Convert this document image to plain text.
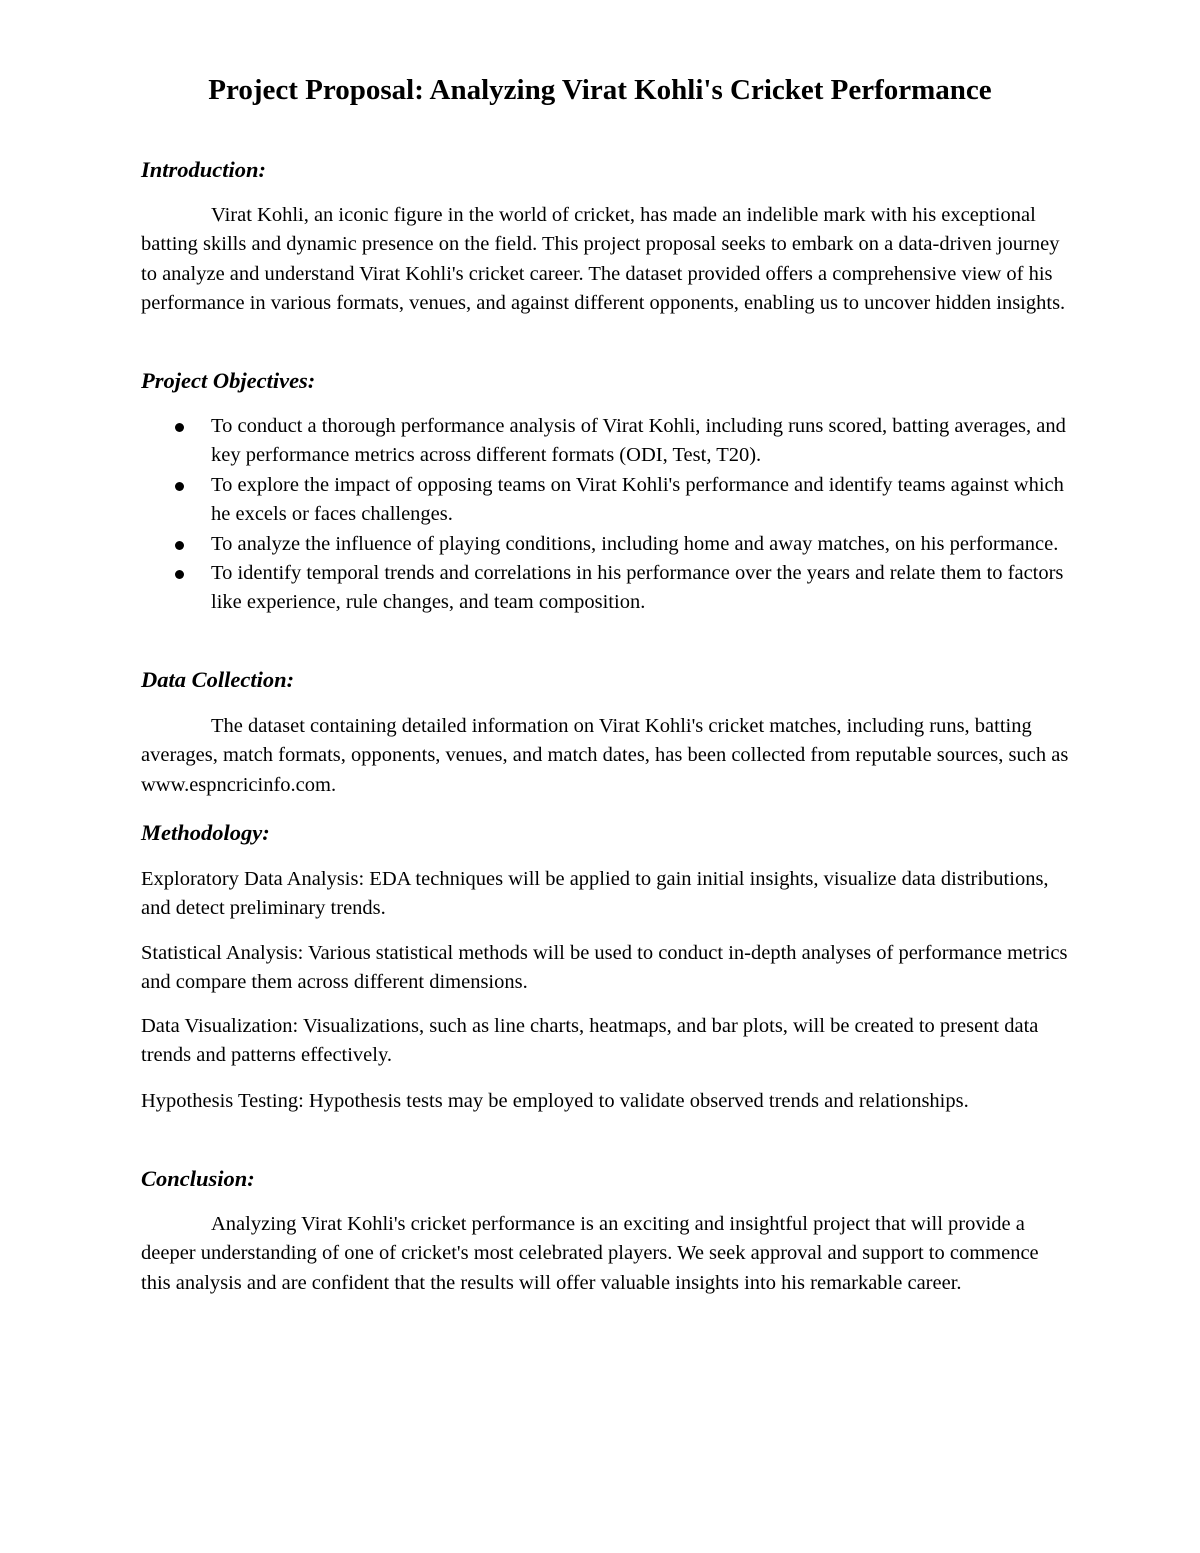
Project Proposal: Analyzing Virat Kohli's Cricket Performance
Introduction:

Virat Kohli, an iconic figure in the world of cricket, has made an indelible mark with his exceptional batting skills and dynamic presence on the field. This project proposal seeks to embark on a data-driven journey to analyze and understand Virat Kohli's cricket career. The dataset provided offers a comprehensive view of his performance in various formats, venues, and against different opponents, enabling us to uncover hidden insights.

Project Objectives:
To conduct a thorough performance analysis of Virat Kohli, including runs scored, batting averages, and key performance metrics across different formats (ODI, Test, T20).
To explore the impact of opposing teams on Virat Kohli's performance and identify teams against which he excels or faces challenges.
To analyze the influence of playing conditions, including home and away matches, on his performance.
To identify temporal trends and correlations in his performance over the years and relate them to factors like experience, rule changes, and team composition.
Data Collection:

The dataset containing detailed information on Virat Kohli's cricket matches, including runs, batting averages, match formats, opponents, venues, and match dates, has been collected from reputable sources, such as www.espncricinfo.com.

Methodology:

Exploratory Data Analysis: EDA techniques will be applied to gain initial insights, visualize data distributions, and detect preliminary trends.

Statistical Analysis: Various statistical methods will be used to conduct in-depth analyses of performance metrics and compare them across different dimensions.

Data Visualization: Visualizations, such as line charts, heatmaps, and bar plots, will be created to present data trends and patterns effectively.

Hypothesis Testing: Hypothesis tests may be employed to validate observed trends and relationships.

Conclusion:

Analyzing Virat Kohli's cricket performance is an exciting and insightful project that will provide a deeper understanding of one of cricket's most celebrated players. We seek approval and support to commence this analysis and are confident that the results will offer valuable insights into his remarkable career.
